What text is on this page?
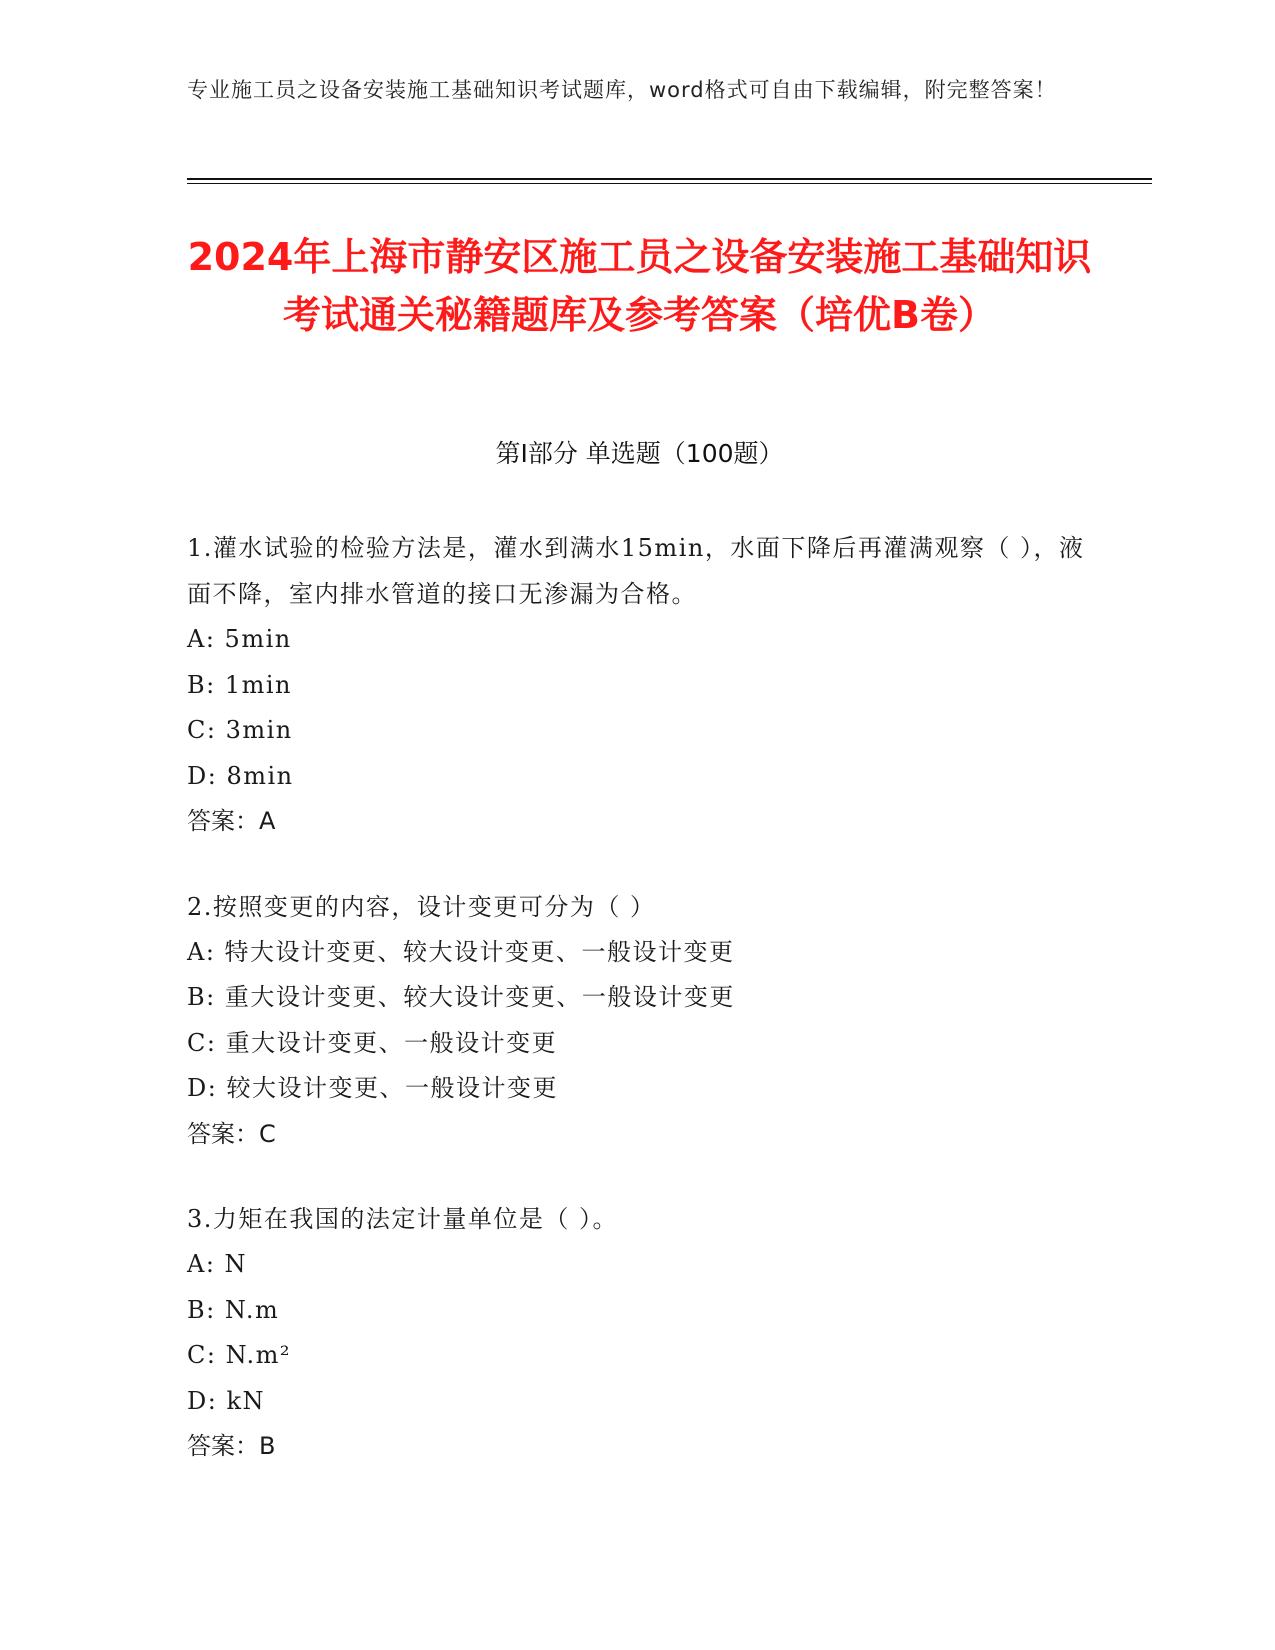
专业施工员之设备安装施工基础知识考试题库，word格式可自由下载编辑，附完整答案！
2024年上海市静安区施工员之设备安装施工基础知识考试通关秘籍题库及参考答案（培优B卷）
第Ⅰ部分 单选题（100题）
1.灌水试验的检验方法是，灌水到满水15min，水面下降后再灌满观察（ ），液面不降，室内排水管道的接口无渗漏为合格。
A: 5min
B: 1min
C: 3min
D: 8min
答案：A
2.按照变更的内容，设计变更可分为（ ）
A: 特大设计变更、较大设计变更、一般设计变更
B: 重大设计变更、较大设计变更、一般设计变更
C: 重大设计变更、一般设计变更
D: 较大设计变更、一般设计变更
答案：C
3.力矩在我国的法定计量单位是（ ）。
A: N
B: N.m
C: N.m²
D: kN
答案：B
